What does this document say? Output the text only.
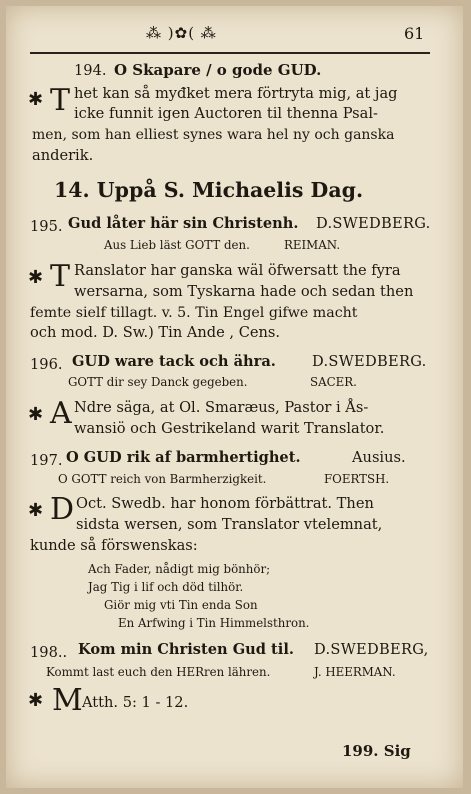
⁂ )✿( ⁂	61
194. O Skapare / o gode GUD.
✱ T het kan så myđket mera förtryta mig, at jag
icke funnit igen Auctoren til thenna Psal-
men, som han elliest synes wara hel ny och ganska
anderik.
14. Uppå S. Michaelis Dag.
195. Gud låter här sin Christenh. D.SWEDBERG.
Aus Lieb läst GOTT den.	REIMAN.
✱ T Ranslator har ganska wäl öfwersatt the fyra
wersarna, som Tyskarna hade och sedan then
femte sielf tillagt. v. 5. Tin Engel gifwe macht
och mod. D. Sw.) Tin Ande , Cens.
196. GUD ware tack och ähra. D.SWEDBERG.
GOTT dir sey Danck gegeben.	SACER.
✱ A Ndre säga, at Ol. Smaræus, Pastor i Ås-
wansiö och Gestrikeland warit Translator.
197. O GUD rik af barmhertighet.	Ausius.
O GOTT reich von Barmherzigkeit.	FOERTSH.
✱ D Oct. Swedb. har honom förbättrat. Then
sidsta wersen, som Translator vtelemnat,
kunde så förswenskas:
Ach Fader, nådigt mig bönhör;
Jag Tig i lif och död tilhör.
Giör mig vti Tin enda Son
En Arfwing i Tin Himmelsthron.
198.. Kom min Christen Gud til. D.SWEDBERG,
Kommt last euch den HERren lähren.	J. HEERMAN.
✱ M Atth. 5: 1 - 12.
199. Sig
